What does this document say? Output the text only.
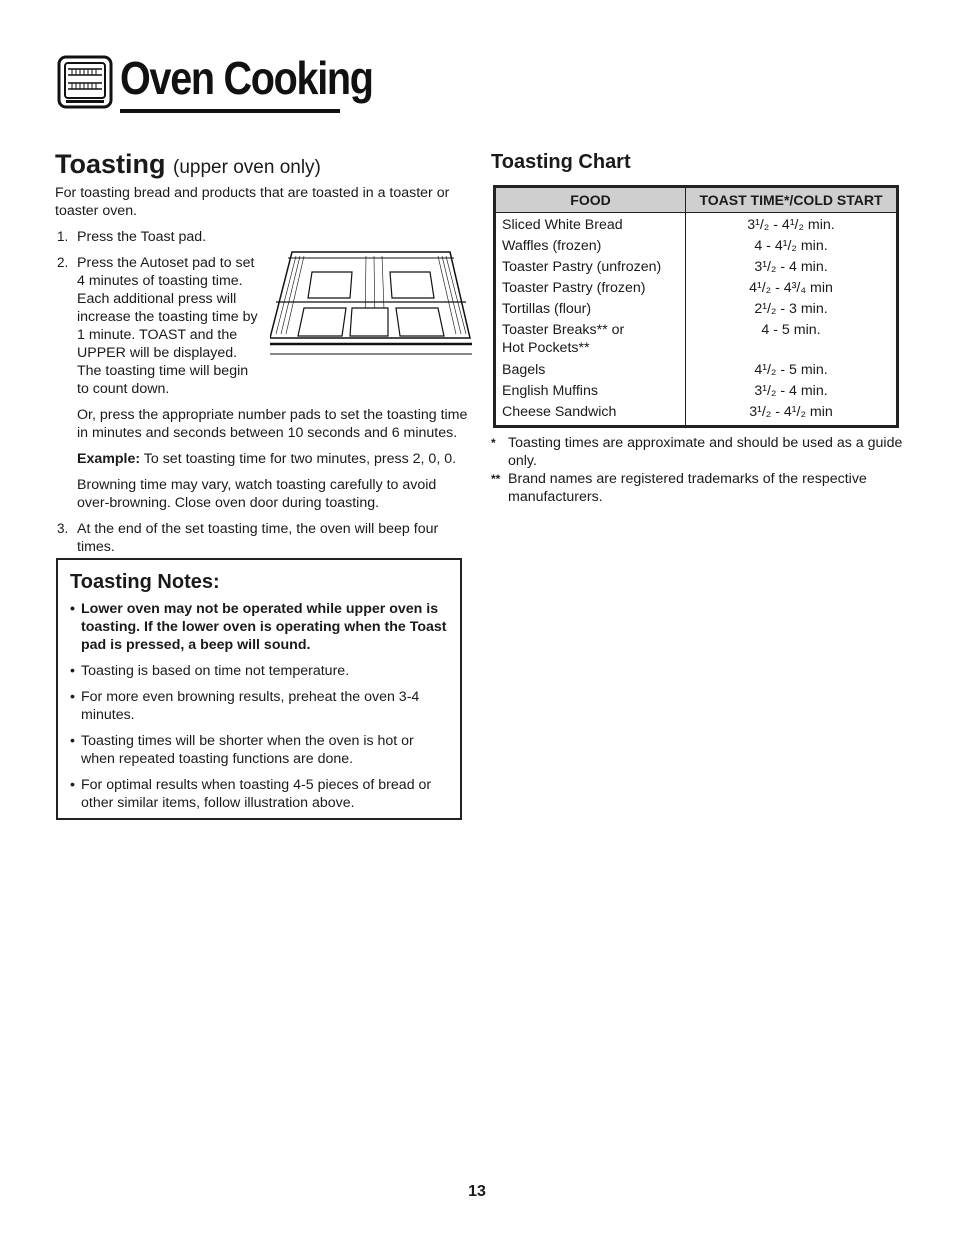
Oven Cooking
Toasting (upper oven only)

For toasting bread and products that are toasted in a toaster or toaster oven.

1. Press the Toast pad.
2. Press the Autoset pad to set 4 minutes of toasting time. Each additional press will increase the toasting time by 1 minute. TOAST and the UPPER will be displayed. The toasting time will begin to count down.

Or, press the appropriate number pads to set the toasting time in minutes and seconds between 10 seconds and 6 minutes.

Example: To set toasting time for two minutes, press 2, 0, 0.

Browning time may vary, watch toasting carefully to avoid over-browning. Close oven door during toasting.

3. At the end of the set toasting time, the oven will beep four times.
Toasting Notes:
• Lower oven may not be operated while upper oven is toasting. If the lower oven is operating when the Toast pad is pressed, a beep will sound.
• Toasting is based on time not temperature.
• For more even browning results, preheat the oven 3-4 minutes.
• Toasting times will be shorter when the oven is hot or when repeated toasting functions are done.
• For optimal results when toasting 4-5 pieces of bread or other similar items, follow illustration above.
Toasting Chart
FOOD	TOAST TIME*/COLD START
Sliced White Bread	3¹/₂ - 4¹/₂ min.
Waffles (frozen)	4 - 4¹/₂ min.
Toaster Pastry (unfrozen)	3¹/₂ - 4 min.
Toaster Pastry (frozen)	4¹/₂ - 4³/₄ min
Tortillas (flour)	2¹/₂ - 3 min.

Toaster Breaks** or
Hot Pockets**	4 - 5 min.
Bagels	4¹/₂ - 5 min.
English Muffins	3¹/₂ - 4 min.
Cheese Sandwich	3¹/₂ - 4¹/₂ min
* Toasting times are approximate and should be used as a guide only.
** Brand names are registered trademarks of the respective manufacturers.
13
